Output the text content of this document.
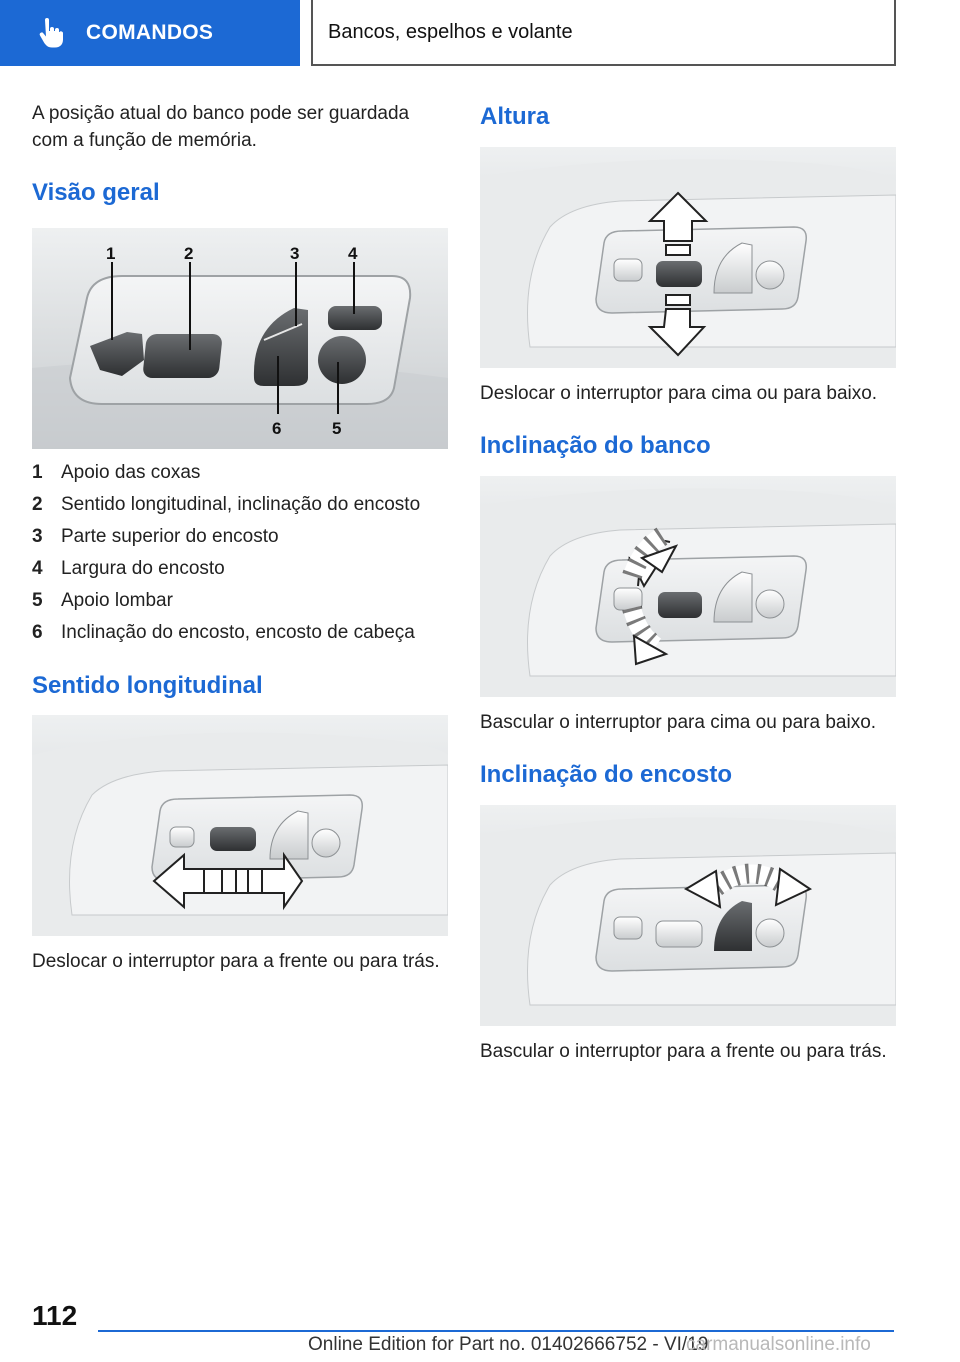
COMANDOS	Bancos, espelhos e volante

A posição atual do banco pode ser guardada com a função de memória.

Visão geral
1	2	3	4
6	5
1 Apoio das coxas
2 Sentido longitudinal, inclinação do encosto
3 Parte superior do encosto
4 Largura do encosto
5 Apoio lombar
6 Inclinação do encosto, encosto de cabeça
Sentido longitudinal

Deslocar o interruptor para a frente ou para trás.

Altura

Deslocar o interruptor para cima ou para baixo.

Inclinação do banco

Bascular o interruptor para cima ou para baixo.

Inclinação do encosto

Bascular o interruptor para a frente ou para trás.

112
Online Edition for Part no. 01402666752 - VI/19
carmanualsonline.info
